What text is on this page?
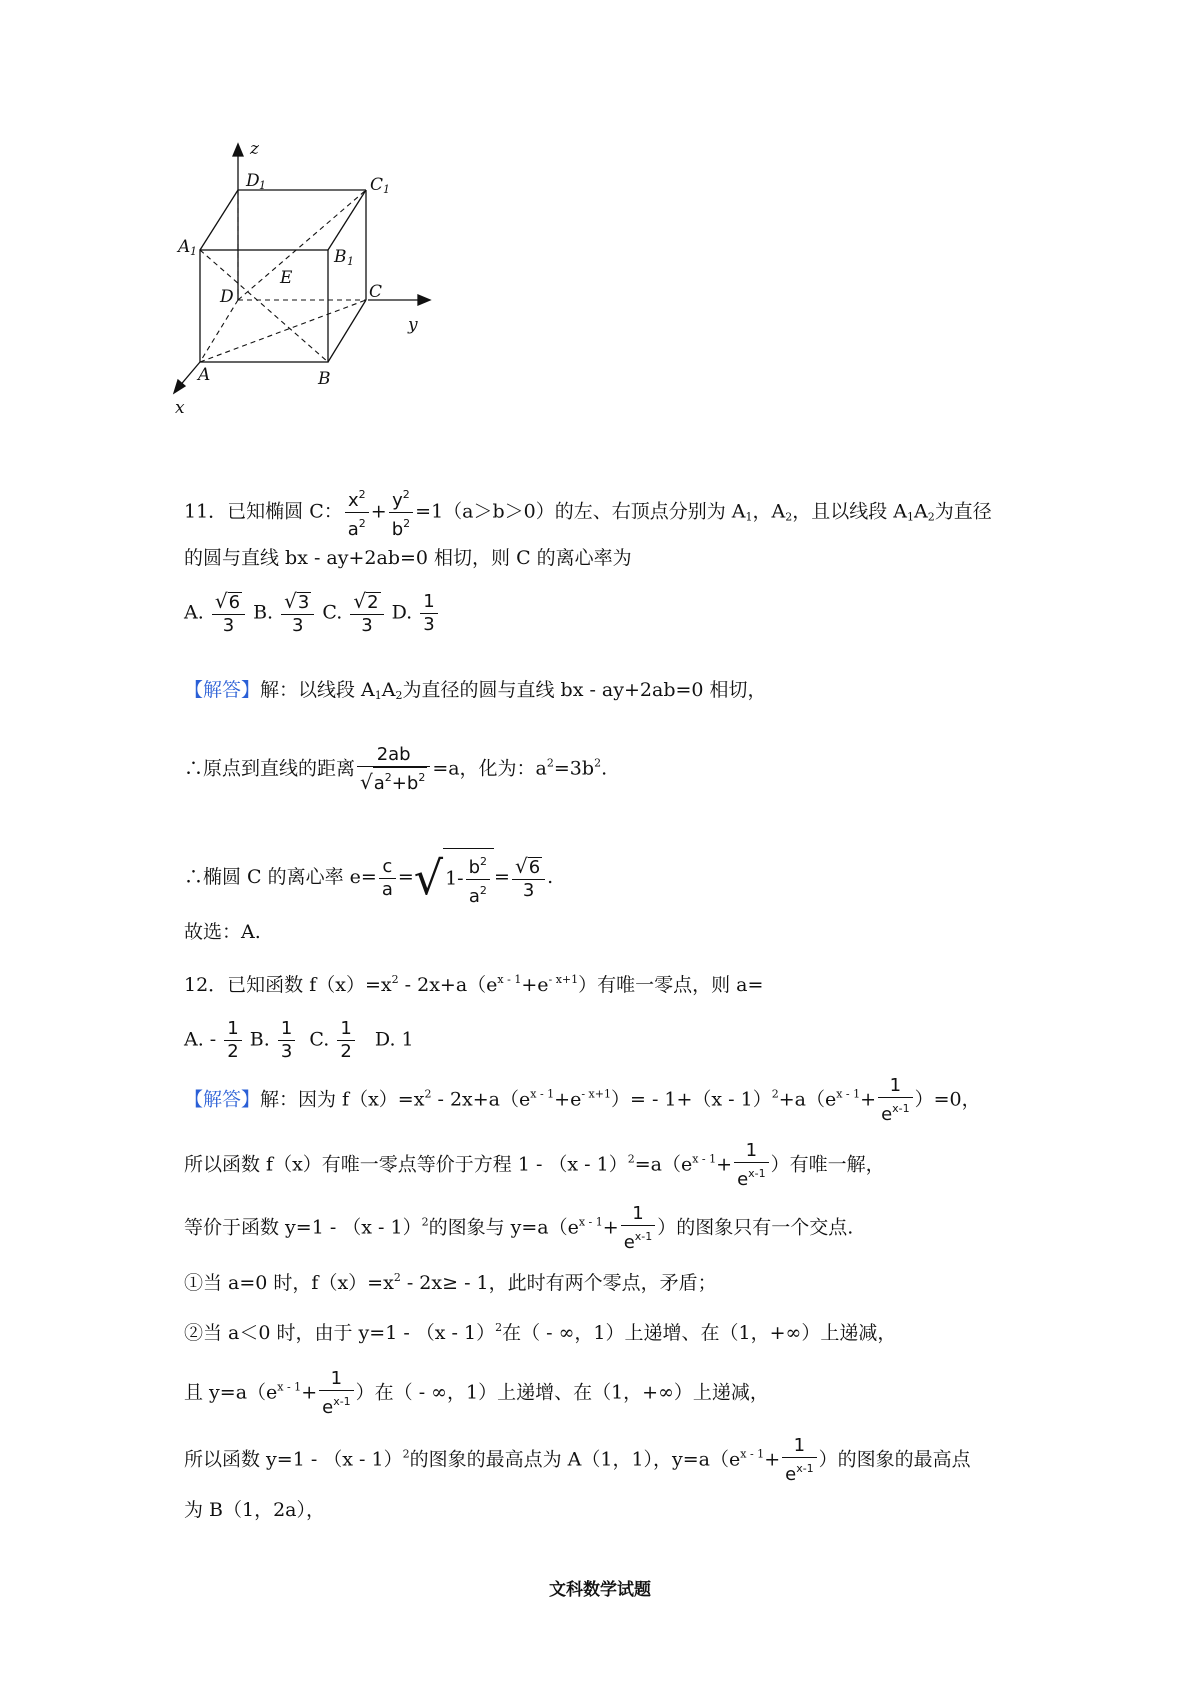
z
D 1	C 1
A 1	B 1
E
D	C
y
A	B
x
11．已知椭圆 C： $\frac{x^2}{a^2} + \frac{y^2}{b^2} =1(a>b>0)$的左、右顶点分别为 $A_1$，$A_2$，且以线段 $A_1A_2$为直径
的圆与直线 bx - ay+2ab=0 相切，则 C 的离心率为
A. $\frac{√6}{3} B$. $\frac{√3}{3} C$. $\frac{√2}{3} D$. $\frac{1}{3}$
【解答】解：以线段 $A_1A_2$为直径的圆与直线 bx - ay+2ab=0 相切，
∴原点到直线的距离 $\frac{2ab}{√a^2+b^2} =a$，化为：$a^2=3b^2$.
∴椭圆 C 的离心率 $e= \frac{c}{a}$ =√ $1- \frac{b^2}{a^2} = \frac{√6}{3}$ .
故选：A.
12．已知函数 $f(x)=x^2 - 2x+a(e^{x - 1}+e^{- x+1})$有唯一零点，则 a=
A. - $\frac{1}{2} B$. $\frac{1}{3} C$. $\frac{1}{2} D$. 1
【解答】解：因为 $f(x)=x^2 - 2x+a(e^{x - 1}+e^{- x+1})= - 1+(x - 1)^2+a(e^{x - 1}+ \frac{1}{e^{x-1}} )=0$，
所以函数 f（x）有唯一零点等价于方程 $1 - (x - 1)^2=a(e^{x - 1}+ \frac{1}{e^{x-1}}$ ）有唯一解，
等价于函数 y=1 - （x - 1）$^2$的图象与 $y=a(e^{x - 1}+ \frac{1}{e^{x-1}}$ ）的图象只有一个交点.
①当 a=0 时，$f(x)=x^2 - 2x\ge - 1$，此时有两个零点，矛盾；
②当 a＜0 时，由于 y=1 - （x - 1）$^2$在（ - ∞，1）上递增、在（1，+∞）上递减，
且 $y=a(e^{x - 1}+ \frac{1}{e^{x-1}}$ ）在（ - ∞，1）上递增、在（1，+∞）上递减，
所以函数 y=1 - （x - 1）$^2$的图象的最高点为 A（1，1），$y=a(e^{x - 1}+ \frac{1}{e^{x-1}}$ ）的图象的最高点
为 B（1，2a），
文科数学试题
